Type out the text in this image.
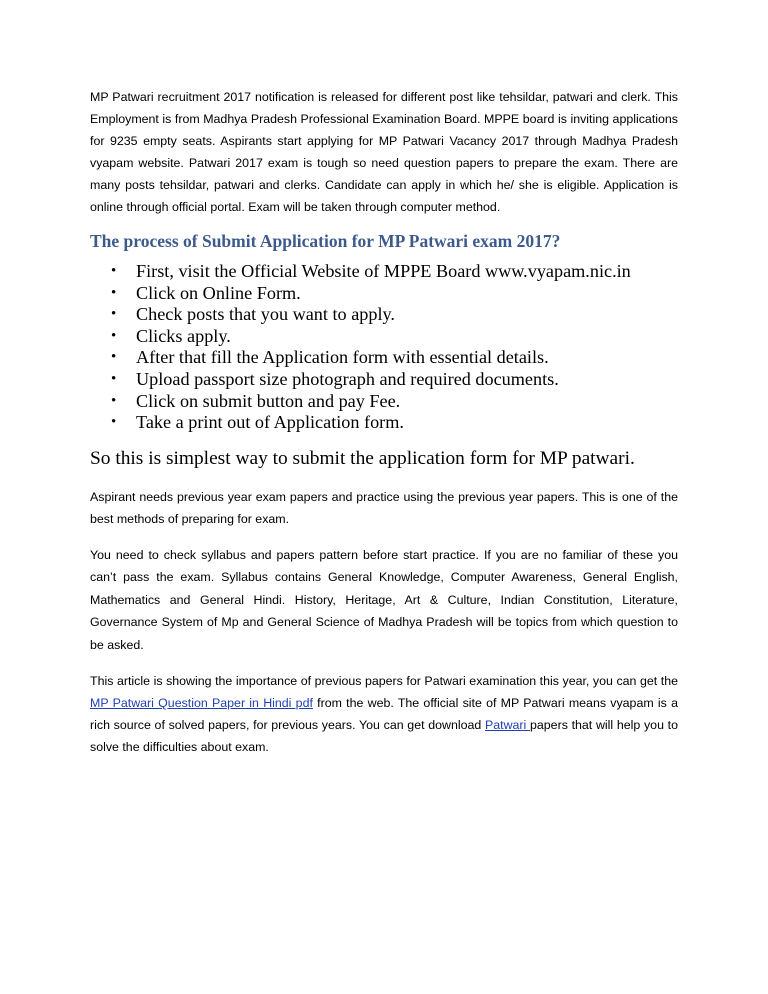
MP Patwari recruitment 2017 notification is released for different post like tehsildar, patwari and clerk. This Employment is from Madhya Pradesh Professional Examination Board. MPPE board is inviting applications for 9235 empty seats. Aspirants start applying for MP Patwari Vacancy 2017 through Madhya Pradesh vyapam website. Patwari 2017 exam is tough so need question papers to prepare the exam. There are many posts tehsildar, patwari and clerks. Candidate can apply in which he/ she is eligible. Application is online through official portal. Exam will be taken through computer method.

The process of Submit Application for MP Patwari exam 2017?
• First, visit the Official Website of MPPE Board www.vyapam.nic.in
• Click on Online Form.
• Check posts that you want to apply.
• Clicks apply.
• After that fill the Application form with essential details.
• Upload passport size photograph and required documents.
• Click on submit button and pay Fee.
• Take a print out of Application form.

So this is simplest way to submit the application form for MP patwari.

Aspirant needs previous year exam papers and practice using the previous year papers. This is one of the best methods of preparing for exam.

You need to check syllabus and papers pattern before start practice. If you are no familiar of these you can’t pass the exam. Syllabus contains General Knowledge, Computer Awareness, General English, Mathematics and General Hindi. History, Heritage, Art & Culture, Indian Constitution, Literature, Governance System of Mp and General Science of Madhya Pradesh will be topics from which question to be asked.

This article is showing the importance of previous papers for Patwari examination this year, you can get the MP Patwari Question Paper in Hindi pdf from the web. The official site of MP Patwari means vyapam is a rich source of solved papers, for previous years. You can get download Patwari papers that will help you to solve the difficulties about exam.
